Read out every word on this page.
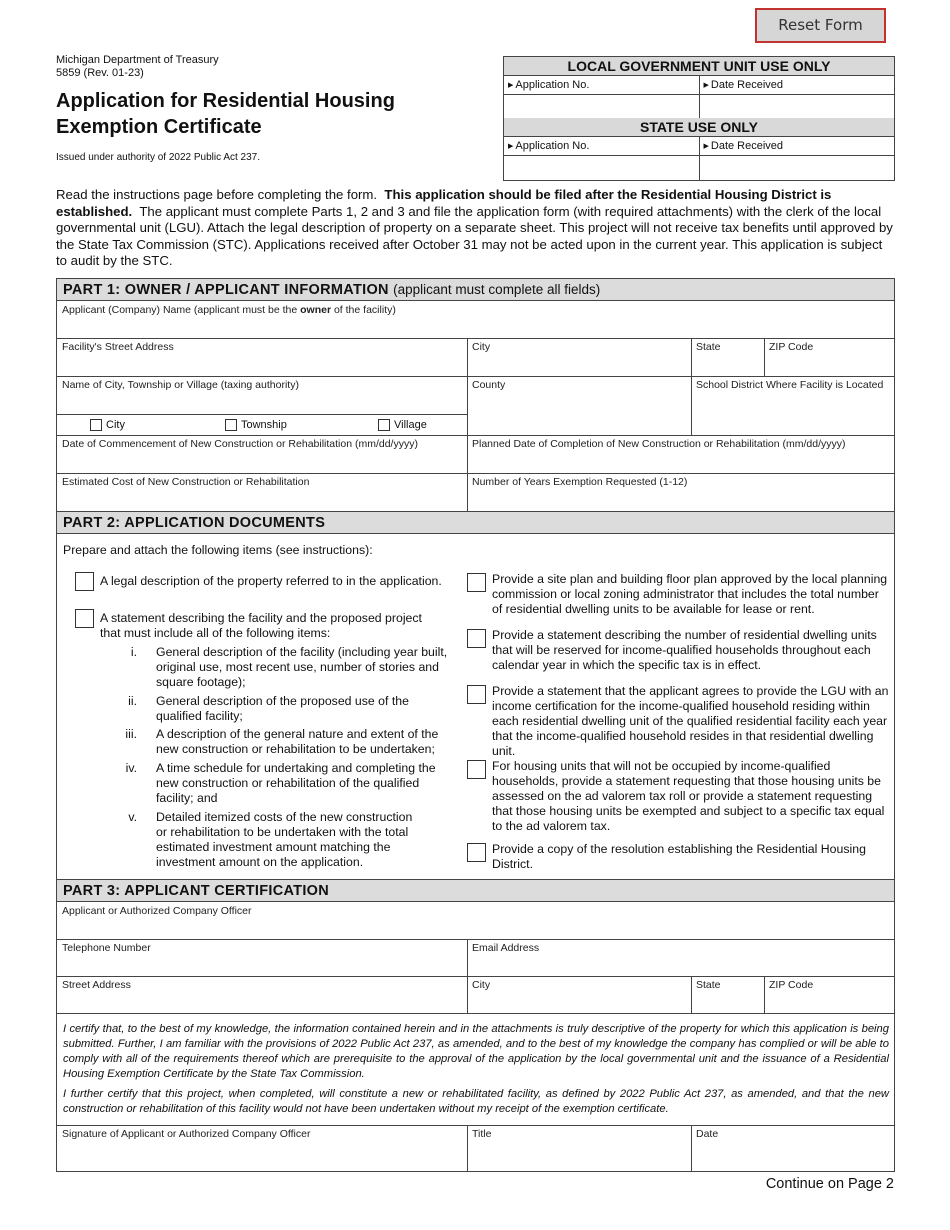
Reset Form
Michigan Department of Treasury
5859 (Rev. 01-23)
Application for Residential Housing
Exemption Certificate
Issued under authority of 2022 Public Act 237.
LOCAL GOVERNMENT UNIT USE ONLY
▶ Application No.	▶ Date Received
STATE USE ONLY
▶ Application No.	▶ Date Received
Read the instructions page before completing the form. This application should be filed after the Residential Housing District is established. The applicant must complete Parts 1, 2 and 3 and file the application form (with required attachments) with the clerk of the local governmental unit (LGU). Attach the legal description of property on a separate sheet. This project will not receive tax benefits until approved by the State Tax Commission (STC). Applications received after October 31 may not be acted upon in the current year. This application is subject to audit by the STC.
PART 1: OWNER / APPLICANT INFORMATION (applicant must complete all fields)
Applicant (Company) Name (applicant must be the owner of the facility)
Facility's Street Address	City	State	ZIP Code
Name of City, Township or Village (taxing authority)	County	School District Where Facility is Located
City	Township	Village
Date of Commencement of New Construction or Rehabilitation (mm/dd/yyyy)	Planned Date of Completion of New Construction or Rehabilitation (mm/dd/yyyy)
Estimated Cost of New Construction or Rehabilitation	Number of Years Exemption Requested (1-12)
PART 2: APPLICATION DOCUMENTS
Prepare and attach the following items (see instructions):
A legal description of the property referred to in the application.
A statement describing the facility and the proposed project that must include all of the following items:
i. General description of the facility (including year built, original use, most recent use, number of stories and square footage);
ii. General description of the proposed use of the qualified facility;
iii. A description of the general nature and extent of the new construction or rehabilitation to be undertaken;
iv. A time schedule for undertaking and completing the new construction or rehabilitation of the qualified facility; and
v. Detailed itemized costs of the new construction or rehabilitation to be undertaken with the total estimated investment amount matching the investment amount on the application.
Provide a site plan and building floor plan approved by the local planning commission or local zoning administrator that includes the total number of residential dwelling units to be available for lease or rent.
Provide a statement describing the number of residential dwelling units that will be reserved for income-qualified households throughout each calendar year in which the specific tax is in effect.
Provide a statement that the applicant agrees to provide the LGU with an income certification for the income-qualified household residing within each residential dwelling unit of the qualified residential facility each year that the income-qualified household resides in that residential dwelling unit.
For housing units that will not be occupied by income-qualified households, provide a statement requesting that those housing units be assessed on the ad valorem tax roll or provide a statement requesting that those housing units be exempted and subject to a specific tax equal to the ad valorem tax.
Provide a copy of the resolution establishing the Residential Housing District.
PART 3: APPLICANT CERTIFICATION
Applicant or Authorized Company Officer
Telephone Number	Email Address
Street Address	City	State	ZIP Code
I certify that, to the best of my knowledge, the information contained herein and in the attachments is truly descriptive of the property for which this application is being submitted. Further, I am familiar with the provisions of 2022 Public Act 237, as amended, and to the best of my knowledge the company has complied or will be able to comply with all of the requirements thereof which are prerequisite to the approval of the application by the local governmental unit and the issuance of a Residential Housing Exemption Certificate by the State Tax Commission.
I further certify that this project, when completed, will constitute a new or rehabilitated facility, as defined by 2022 Public Act 237, as amended, and that the new construction or rehabilitation of this facility would not have been undertaken without my receipt of the exemption certificate.
Signature of Applicant or Authorized Company Officer	Title	Date
Continue on Page 2
